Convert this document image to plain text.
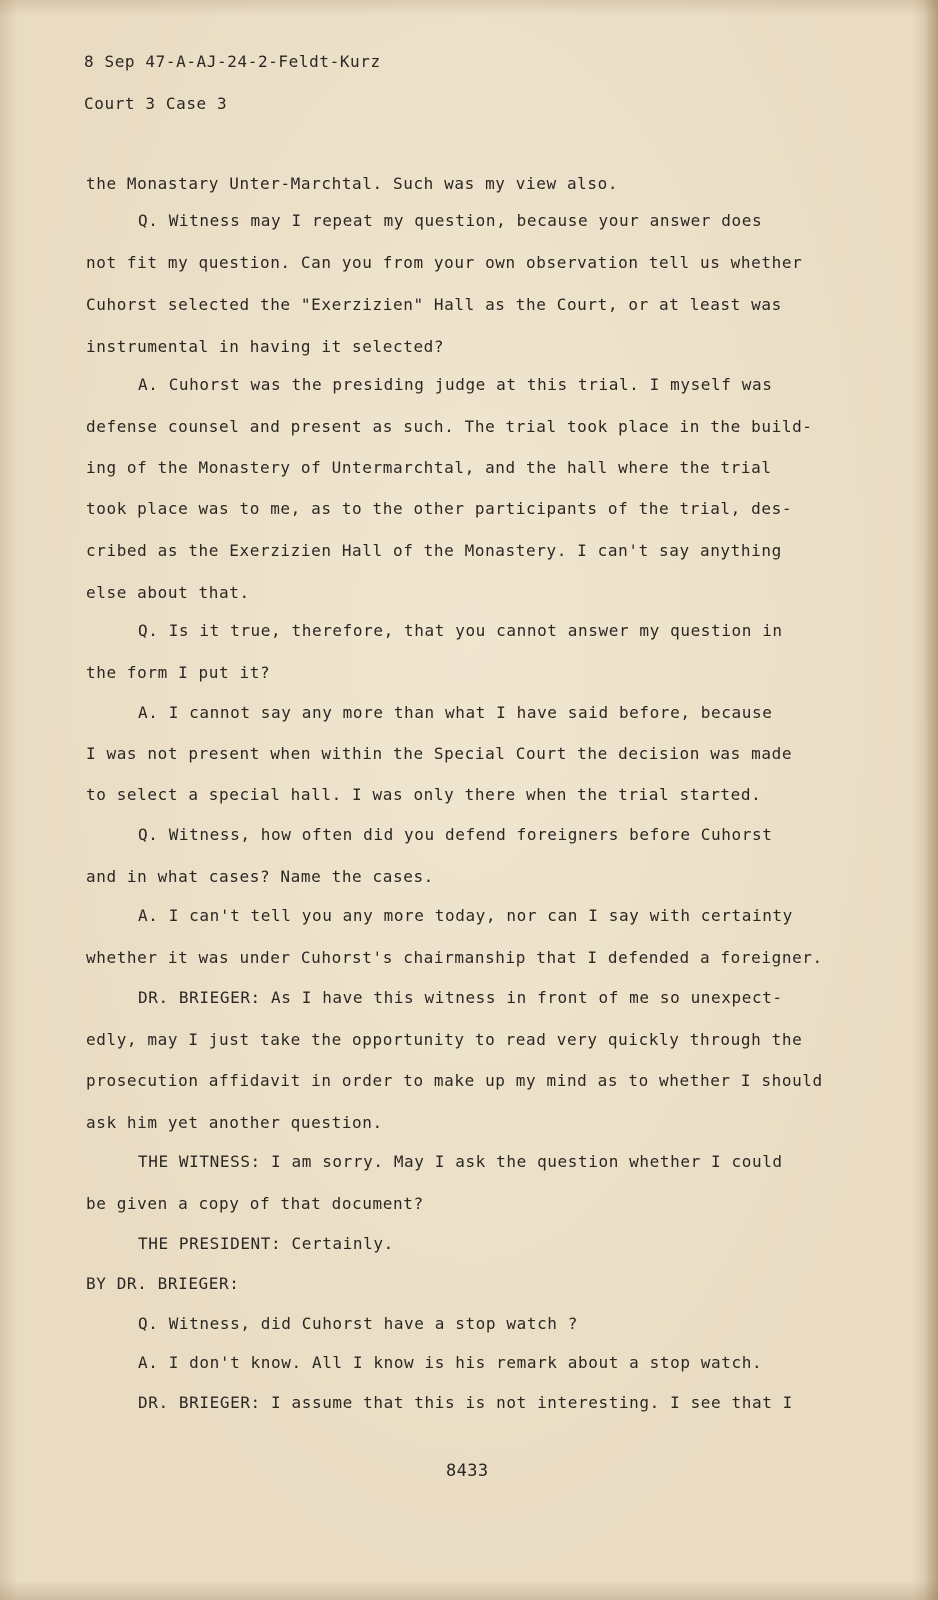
8 Sep 47-A-AJ-24-2-Feldt-Kurz
Court 3 Case 3
the Monastary Unter-Marchtal. Such was my view also.
Q. Witness may I repeat my question, because your answer does
not fit my question. Can you from your own observation tell us whether
Cuhorst selected the "Exerzizien" Hall as the Court, or at least was
instrumental in having it selected?
A. Cuhorst was the presiding judge at this trial. I myself was
defense counsel and present as such. The trial took place in the build-
ing of the Monastery of Untermarchtal, and the hall where the trial
took place was to me, as to the other participants of the trial, des-
cribed as the Exerzizien Hall of the Monastery. I can't say anything
else about that.
Q. Is it true, therefore, that you cannot answer my question in
the form I put it?
A. I cannot say any more than what I have said before, because
I was not present when within the Special Court the decision was made
to select a special hall. I was only there when the trial started.
Q. Witness, how often did you defend foreigners before Cuhorst
and in what cases? Name the cases.
A. I can't tell you any more today, nor can I say with certainty
whether it was under Cuhorst's chairmanship that I defended a foreigner.
DR. BRIEGER: As I have this witness in front of me so unexpect-
edly, may I just take the opportunity to read very quickly through the
prosecution affidavit in order to make up my mind as to whether I should
ask him yet another question.
THE WITNESS: I am sorry. May I ask the question whether I could
be given a copy of that document?
THE PRESIDENT: Certainly.
BY DR. BRIEGER:
Q. Witness, did Cuhorst have a stop watch ?
A. I don't know. All I know is his remark about a stop watch.
DR. BRIEGER: I assume that this is not interesting. I see that I
8433
